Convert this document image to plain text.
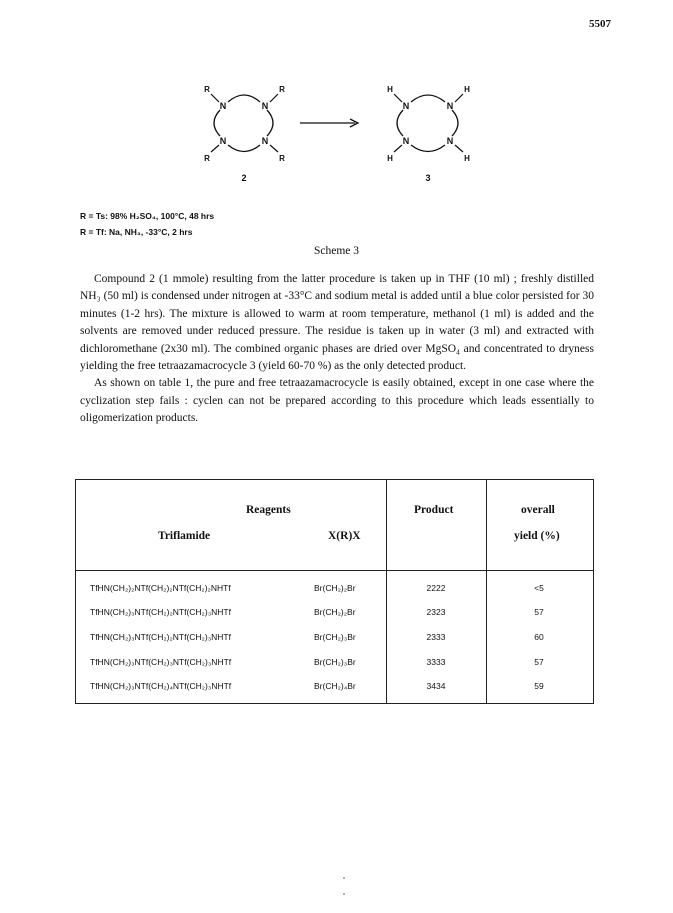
5507
N	N
N	N
R	R
R	R
2
N	N
N	N
H	H
H	H
3
R = Ts: 98% H₂SO₄, 100°C, 48 hrs
R = Tf: Na, NH₃, -33°C, 2 hrs
Scheme 3

Compound 2 (1 mmole) resulting from the latter procedure is taken up in THF (10 ml) ; freshly distilled NH₃ (50 ml) is condensed under nitrogen at -33°C and sodium metal is added until a blue color persisted for 30 minutes (1-2 hrs). The mixture is allowed to warm at room temperature, methanol (1 ml) is added and the solvents are removed under reduced pressure. The residue is taken up in water (3 ml) and extracted with dichloromethane (2x30 ml). The combined organic phases are dried over MgSO₄ and concentrated to dryness yielding the free tetraazamacrocycle 3 (yield 60-70 %) as the only detected product.

As shown on table 1, the pure and free tetraazamacrocycle is easily obtained, except in one case where the cyclization step fails : cyclen can not be prepared according to this procedure which leads essentially to oligomerization products.

Reagents
Triflamide	X(R)X
Product	overall
yield (%)
TfHN(CH₂)₂NTf(CH₂)₂NTf(CH₂)₂NHTf	Br(CH₂)₂Br	2222	<5
TfHN(CH₂)₃NTf(CH₂)₂NTf(CH₂)₃NHTf	Br(CH₂)₂Br	2323	57
TfHN(CH₂)₃NTf(CH₂)₂NTf(CH₂)₃NHTf	Br(CH₂)₃Br	2333	60
TfHN(CH₂)₃NTf(CH₂)₃NTf(CH₂)₃NHTf	Br(CH₂)₃Br	3333	57
TfHN(CH₂)₃NTf(CH₂)₄NTf(CH₂)₃NHTf	Br(CH₂)₄Br	3434	59
